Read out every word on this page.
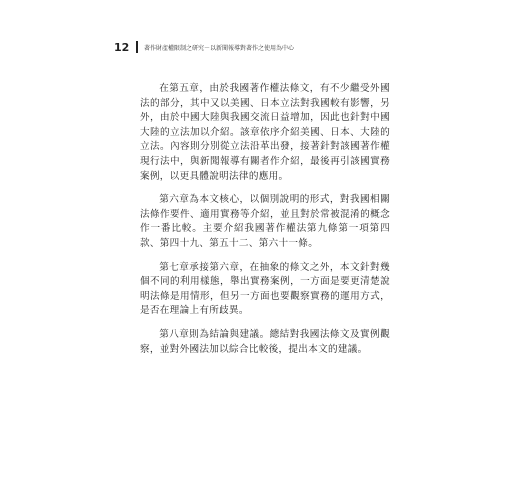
12 著作財產權限制之研究－以新聞報導對著作之使用為中心

在第五章，由於我國著作權法條文，有不少繼受外國法的部分，其中又以美國、日本立法對我國較有影響，另外，由於中國大陸與我國交流日益增加，因此也針對中國大陸的立法加以介紹。該章依序介紹美國、日本、大陸的立法。內容則分別從立法沿革出發，接著針對該國著作權現行法中，與新聞報導有關者作介紹，最後再引該國實務案例，以更具體說明法律的應用。

第六章為本文核心，以個別說明的形式，對我國相關法條作要件、適用實務等介紹，並且對於常被混淆的概念作一番比較。主要介紹我國著作權法第九條第一項第四款、第四十九、第五十二、第六十一條。

第七章承接第六章，在抽象的條文之外，本文針對幾個不同的利用樣態，舉出實務案例，一方面是要更清楚說明法條是用情形，但另一方面也要觀察實務的運用方式，是否在理論上有所歧異。

第八章則為結論與建議。總結對我國法條文及實例觀察，並對外國法加以綜合比較後，提出本文的建議。
